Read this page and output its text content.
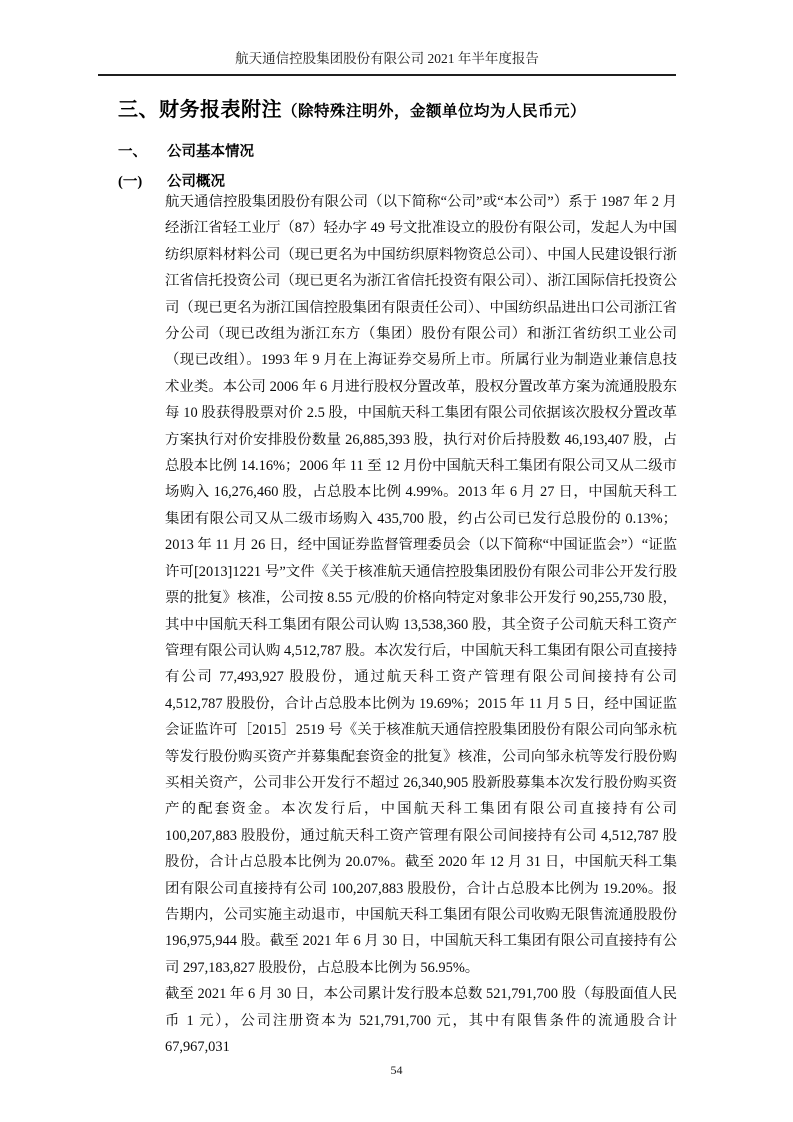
航天通信控股集团股份有限公司 2021 年半年度报告
三、财务报表附注（除特殊注明外，金额单位均为人民币元）
一、 公司基本情况
(一) 公司概况

航天通信控股集团股份有限公司（以下简称“公司”或“本公司”）系于 1987 年 2 月经浙江省轻工业厅（87）轻办字 49 号文批准设立的股份有限公司，发起人为中国纺织原料材料公司（现已更名为中国纺织原料物资总公司）、中国人民建设银行浙江省信托投资公司（现已更名为浙江省信托投资有限公司）、浙江国际信托投资公司（现已更名为浙江国信控股集团有限责任公司）、中国纺织品进出口公司浙江省分公司（现已改组为浙江东方（集团）股份有限公司）和浙江省纺织工业公司（现已改组）。1993 年 9 月在上海证券交易所上市。所属行业为制造业兼信息技术业类。本公司 2006 年 6 月进行股权分置改革，股权分置改革方案为流通股股东每 10 股获得股票对价 2.5 股，中国航天科工集团有限公司依据该次股权分置改革方案执行对价安排股份数量 26,885,393 股，执行对价后持股数 46,193,407 股，占总股本比例 14.16%；2006 年 11 至 12 月份中国航天科工集团有限公司又从二级市场购入 16,276,460 股，占总股本比例 4.99%。2013 年 6 月 27 日，中国航天科工集团有限公司又从二级市场购入 435,700 股，约占公司已发行总股份的 0.13%；2013 年 11 月 26 日，经中国证券监督管理委员会（以下简称“中国证监会”）“证监许可[2013]1221 号”文件《关于核准航天通信控股集团股份有限公司非公开发行股票的批复》核准，公司按 8.55 元/股的价格向特定对象非公开发行 90,255,730 股，其中中国航天科工集团有限公司认购 13,538,360 股，其全资子公司航天科工资产管理有限公司认购 4,512,787 股。本次发行后，中国航天科工集团有限公司直接持有公司 77,493,927 股股份，通过航天科工资产管理有限公司间接持有公司 4,512,787 股股份，合计占总股本比例为 19.69%；2015 年 11 月 5 日，经中国证监会证监许可［2015］2519 号《关于核准航天通信控股集团股份有限公司向邹永杭等发行股份购买资产并募集配套资金的批复》核准，公司向邹永杭等发行股份购买相关资产，公司非公开发行不超过 26,340,905 股新股募集本次发行股份购买资产的配套资金。本次发行后，中国航天科工集团有限公司直接持有公司 100,207,883 股股份，通过航天科工资产管理有限公司间接持有公司 4,512,787 股股份，合计占总股本比例为 20.07%。截至 2020 年 12 月 31 日，中国航天科工集团有限公司直接持有公司 100,207,883 股股份，合计占总股本比例为 19.20%。报告期内，公司实施主动退市，中国航天科工集团有限公司收购无限售流通股股份 196,975,944 股。截至 2021 年 6 月 30 日，中国航天科工集团有限公司直接持有公司 297,183,827 股股份，占总股本比例为 56.95%。

截至 2021 年 6 月 30 日，本公司累计发行股本总数 521,791,700 股（每股面值人民币 1 元），公司注册资本为 521,791,700 元，其中有限售条件的流通股合计 67,967,031

54
